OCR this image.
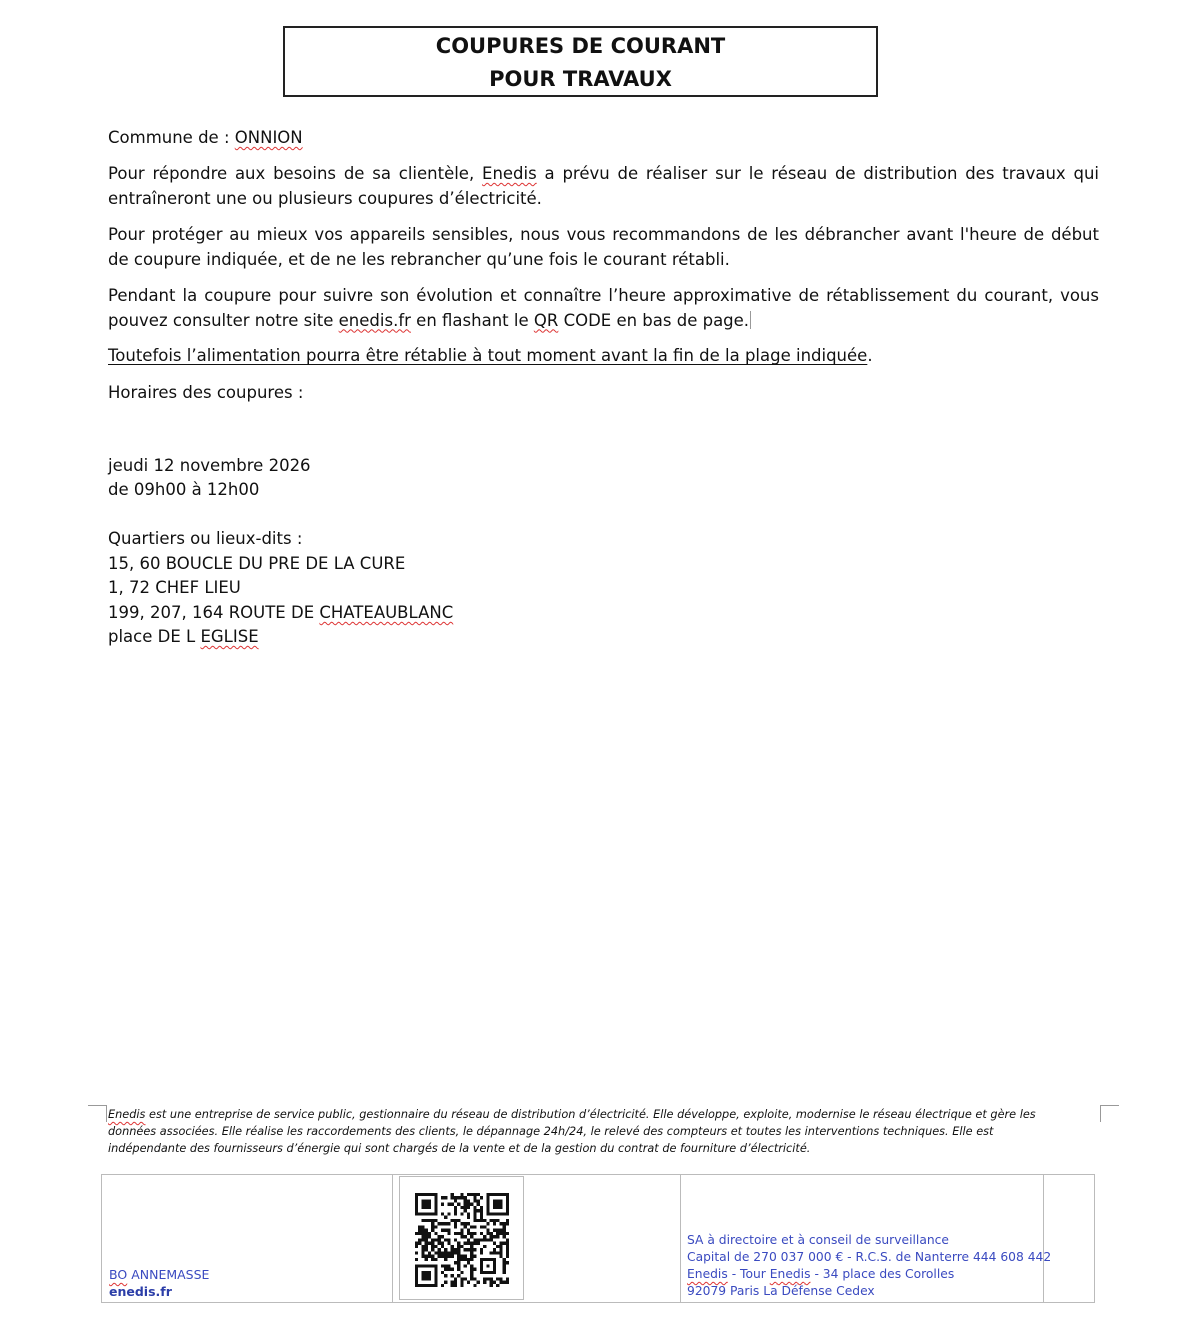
COUPURES DE COURANT
POUR TRAVAUX
Commune de : ONNION
Pour répondre aux besoins de sa clientèle, Enedis a prévu de réaliser sur le réseau de distribution des travaux qui entraîneront une ou plusieurs coupures d’électricité.
Pour protéger au mieux vos appareils sensibles, nous vous recommandons de les débrancher avant l'heure de début de coupure indiquée, et de ne les rebrancher qu’une fois le courant rétabli.
Pendant la coupure pour suivre son évolution et connaître l’heure approximative de rétablissement du courant, vous pouvez consulter notre site enedis.fr en flashant le QR CODE en bas de page.
Toutefois l’alimentation pourra être rétablie à tout moment avant la fin de la plage indiquée.
Horaires des coupures :
jeudi 12 novembre 2026
de 09h00 à 12h00
Quartiers ou lieux-dits :
15, 60 BOUCLE DU PRE DE LA CURE
1, 72 CHEF LIEU
199, 207, 164 ROUTE DE CHATEAUBLANC
place DE L EGLISE
Enedis est une entreprise de service public, gestionnaire du réseau de distribution d’électricité. Elle développe, exploite, modernise le réseau électrique et gère les données associées. Elle réalise les raccordements des clients, le dépannage 24h/24, le relevé des compteurs et toutes les interventions techniques. Elle est indépendante des fournisseurs d’énergie qui sont chargés de la vente et de la gestion du contrat de fourniture d’électricité.
BO ANNEMASSE
enedis.fr
SA à directoire et à conseil de surveillance
Capital de 270 037 000 € - R.C.S. de Nanterre 444 608 442
Enedis - Tour Enedis - 34 place des Corolles
92079 Paris La Défense Cedex
